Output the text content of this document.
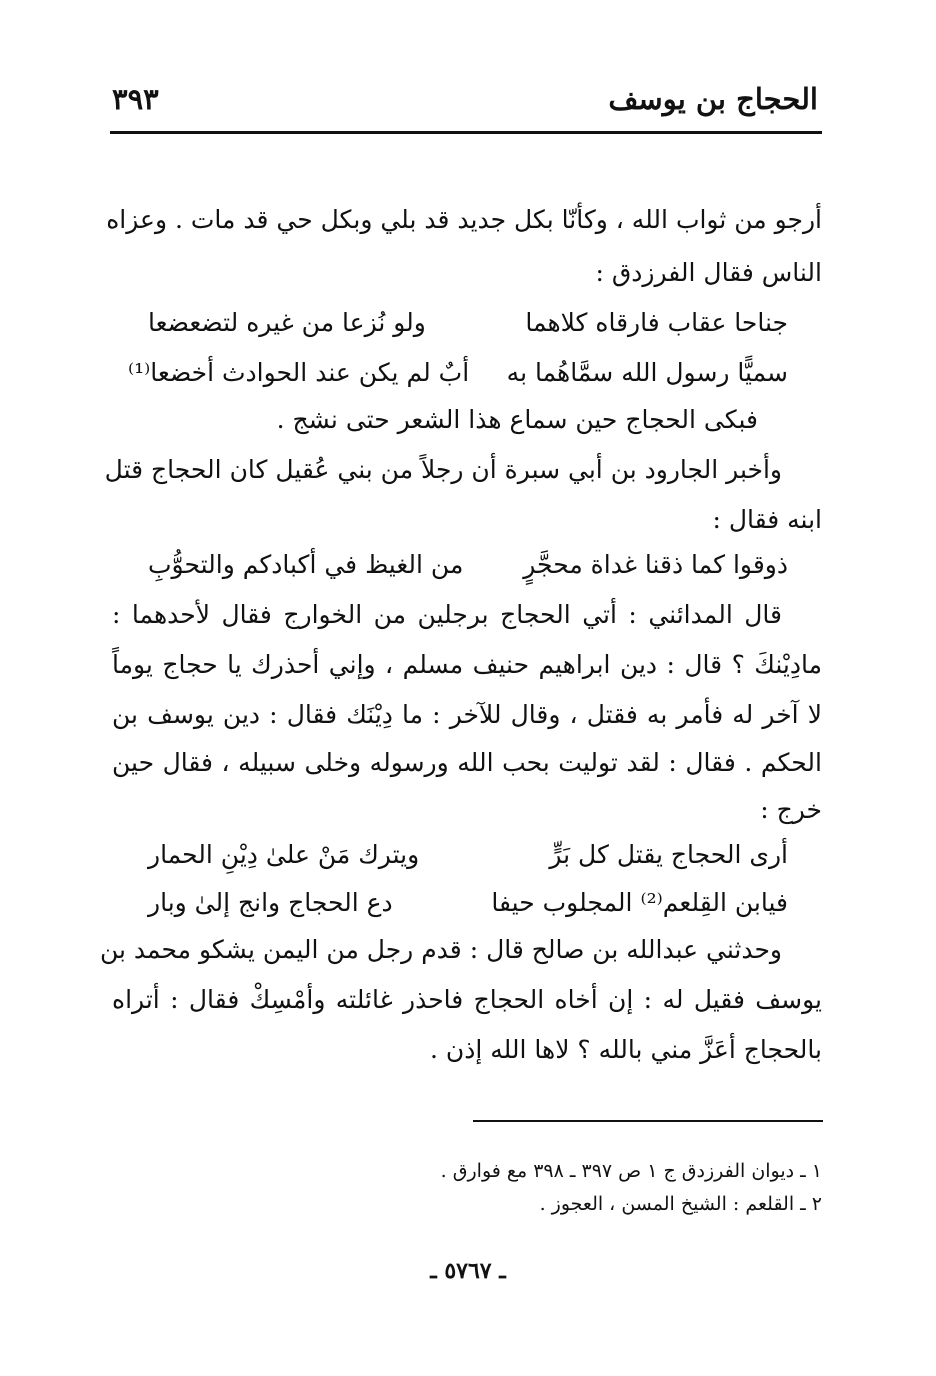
الحجاج بن يوسف
٣٩٣
أرجو من ثواب الله ، وكأنّا بكل جديد قد بلي وبكل حي قد مات . وعزاه
الناس فقال الفرزدق :
جناحا عقاب فارقاه كلاهما
ولو نُزعا من غيره لتضعضعا
سميًّا رسول الله سمَّاهُما به
أبٌ لم يكن عند الحوادث أخضعا⁽¹⁾
فبكى الحجاج حين سماع هذا الشعر حتى نشج .
وأخبر الجارود بن أبي سبرة أن رجلاً من بني عُقيل كان الحجاج قتل
ابنه فقال :
ذوقوا كما ذقنا غداة محجَّرٍ
من الغيظ في أكبادكم والتحوُّبِ
قال المدائني : أتي الحجاج برجلين من الخوارج فقال لأحدهما :
مادِيْنكَ ؟ قال : دين ابراهيم حنيف مسلم ، وإني أحذرك يا حجاج يوماً
لا آخر له فأمر به فقتل ، وقال للآخر : ما دِيْنَك فقال : دين يوسف بن
الحكم . فقال : لقد توليت بحب الله ورسوله وخلى سبيله ، فقال حين
خرج :
أرى الحجاج يقتل كل بَرٍّ
ويترك مَنْ علىٰ دِيْنِ الحمار
فيابن القِلعم⁽²⁾ المجلوب حيفا
دع الحجاج وانج إلىٰ وبار
وحدثني عبدالله بن صالح قال : قدم رجل من اليمن يشكو محمد بن
يوسف فقيل له : إن أخاه الحجاج فاحذر غائلته وأمْسِكْ فقال : أتراه
بالحجاج أعَزَّ مني بالله ؟ لاها الله إذن .
١ ـ ديوان الفرزدق ج ١ ص ٣٩٧ ـ ٣٩٨ مع فوارق .
٢ ـ القلعم : الشيخ المسن ، العجوز .
ـ ٥٧٦٧ ـ
